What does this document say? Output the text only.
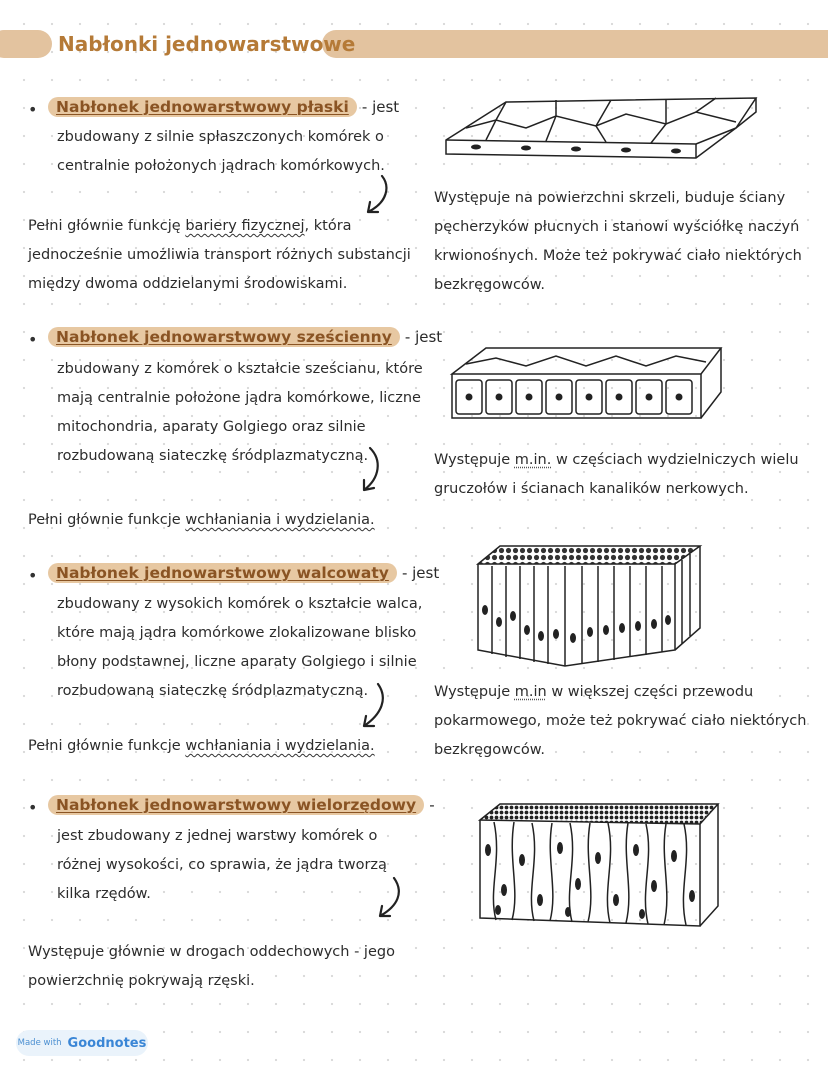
Nabłonki jednowarstwowe
•	Nabłonek jednowarstwowy płaski - jest

zbudowany z silnie spłaszczonych komórek o

centralnie położonych jądrach komórkowych.

Pełni głównie funkcję bariery fizycznej, która

jednocześnie umożliwia transport różnych substancji

między dwoma oddzielanymi środowiskami.

Występuje na powierzchni skrzeli, buduje ściany

pęcherzyków płucnych i stanowi wyściółkę naczyń

krwionośnych. Może też pokrywać ciało niektórych

bezkręgowców.

•	Nabłonek jednowarstwowy sześcienny - jest

zbudowany z komórek o kształcie sześcianu, które

mają centralnie położone jądra komórkowe, liczne

mitochondria, aparaty Golgiego oraz silnie

rozbudowaną siateczkę śródplazmatyczną.

Pełni głównie funkcje wchłaniania i wydzielania.

Występuje m.in. w częściach wydzielniczych wielu

gruczołów i ścianach kanalików nerkowych.

•	Nabłonek jednowarstwowy walcowaty - jest

zbudowany z wysokich komórek o kształcie walca,

które mają jądra komórkowe zlokalizowane blisko

błony podstawnej, liczne aparaty Golgiego i silnie

rozbudowaną siateczkę śródplazmatyczną.

Pełni głównie funkcje wchłaniania i wydzielania.

Występuje m.in w większej części przewodu

pokarmowego, może też pokrywać ciało niektórych

bezkręgowców.

•	Nabłonek jednowarstwowy wielorzędowy -

jest zbudowany z jednej warstwy komórek o

różnej wysokości, co sprawia, że jądra tworzą

kilka rzędów.

Występuje głównie w drogach oddechowych - jego

powierzchnię pokrywają rzęski.

Made with Goodnotes
